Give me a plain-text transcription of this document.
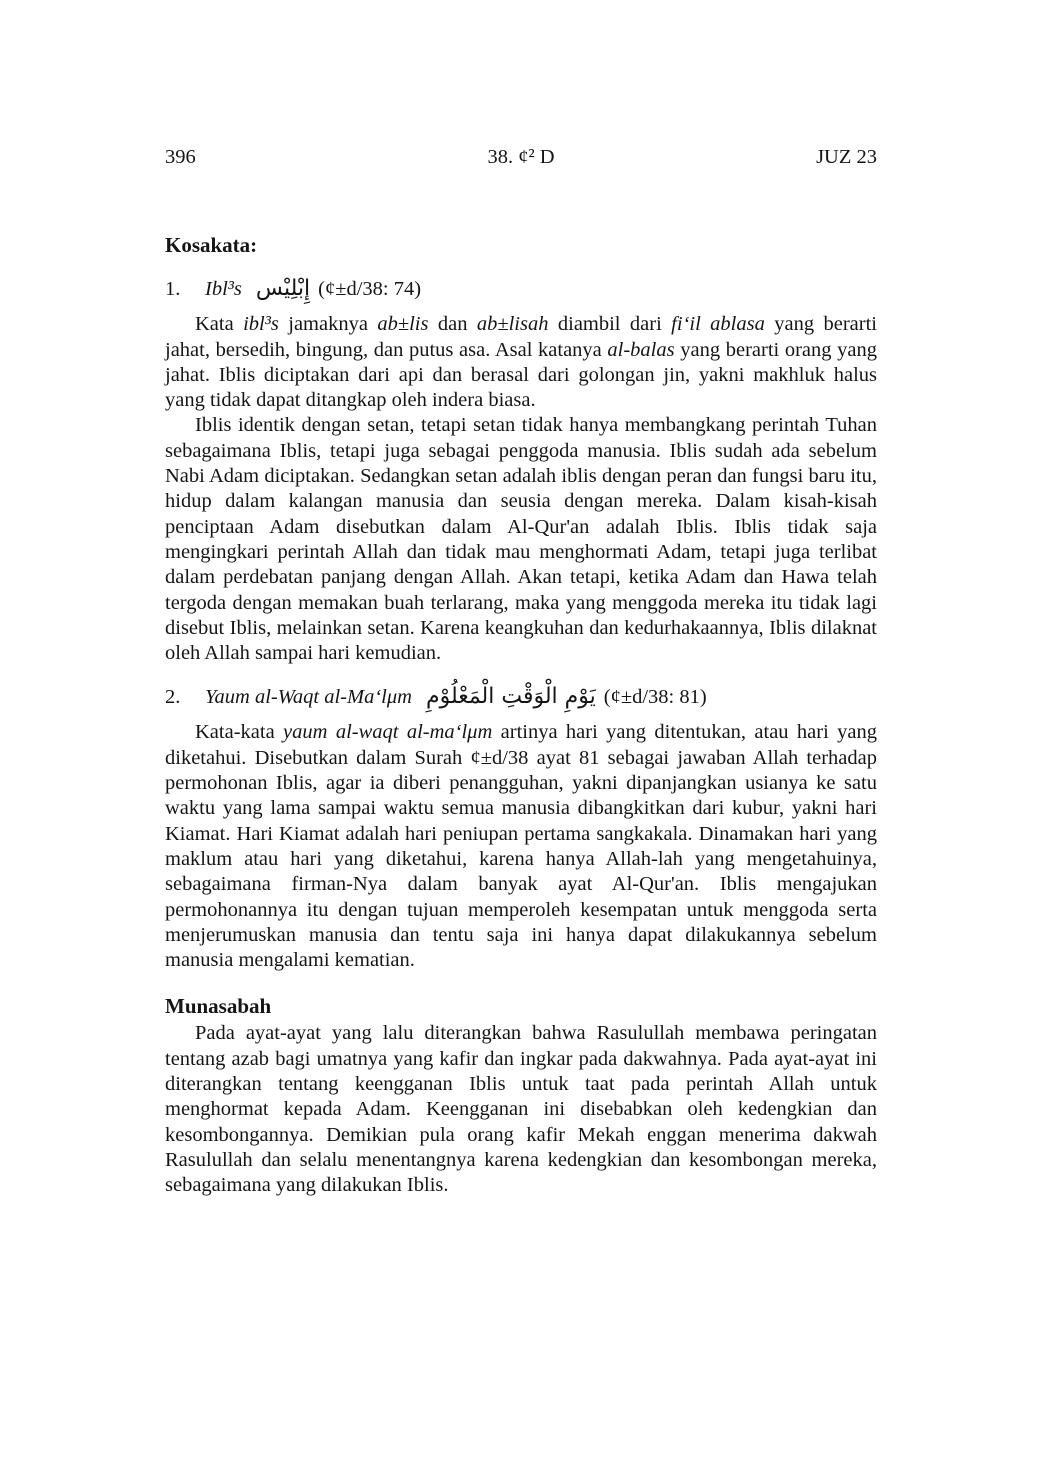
396	38. ¢² D	JUZ 23
Kosakata:
1. Ibl³s إِبْلِيْس (¢±d/38: 74)

Kata ibl³s jamaknya ab±lis dan ab±lisah diambil dari fi‘il ablasa yang berarti jahat, bersedih, bingung, dan putus asa. Asal katanya al-balas yang berarti orang yang jahat. Iblis diciptakan dari api dan berasal dari golongan jin, yakni makhluk halus yang tidak dapat ditangkap oleh indera biasa.

Iblis identik dengan setan, tetapi setan tidak hanya membangkang perintah Tuhan sebagaimana Iblis, tetapi juga sebagai penggoda manusia. Iblis sudah ada sebelum Nabi Adam diciptakan. Sedangkan setan adalah iblis dengan peran dan fungsi baru itu, hidup dalam kalangan manusia dan seusia dengan mereka. Dalam kisah-kisah penciptaan Adam disebutkan dalam Al-Qur'an adalah Iblis. Iblis tidak saja mengingkari perintah Allah dan tidak mau menghormati Adam, tetapi juga terlibat dalam perdebatan panjang dengan Allah. Akan tetapi, ketika Adam dan Hawa telah tergoda dengan memakan buah terlarang, maka yang menggoda mereka itu tidak lagi disebut Iblis, melainkan setan. Karena keangkuhan dan kedurhakaannya, Iblis dilaknat oleh Allah sampai hari kemudian.

2. Yaum al-Waqt al-Ma‘lμm يَوْمِ الْوَقْتِ الْمَعْلُوْمِ (¢±d/38: 81)

Kata-kata yaum al-waqt al-ma‘lμm artinya hari yang ditentukan, atau hari yang diketahui. Disebutkan dalam Surah ¢±d/38 ayat 81 sebagai jawaban Allah terhadap permohonan Iblis, agar ia diberi penangguhan, yakni dipanjangkan usianya ke satu waktu yang lama sampai waktu semua manusia dibangkitkan dari kubur, yakni hari Kiamat. Hari Kiamat adalah hari peniupan pertama sangkakala. Dinamakan hari yang maklum atau hari yang diketahui, karena hanya Allah-lah yang mengetahuinya, sebagaimana firman-Nya dalam banyak ayat Al-Qur'an. Iblis mengajukan permohonannya itu dengan tujuan memperoleh kesempatan untuk menggoda serta menjerumuskan manusia dan tentu saja ini hanya dapat dilakukannya sebelum manusia mengalami kematian.

Munasabah

Pada ayat-ayat yang lalu diterangkan bahwa Rasulullah membawa peringatan tentang azab bagi umatnya yang kafir dan ingkar pada dakwahnya. Pada ayat-ayat ini diterangkan tentang keengganan Iblis untuk taat pada perintah Allah untuk menghormat kepada Adam. Keengganan ini disebabkan oleh kedengkian dan kesombongannya. Demikian pula orang kafir Mekah enggan menerima dakwah Rasulullah dan selalu menentangnya karena kedengkian dan kesombongan mereka, sebagaimana yang dilakukan Iblis.
